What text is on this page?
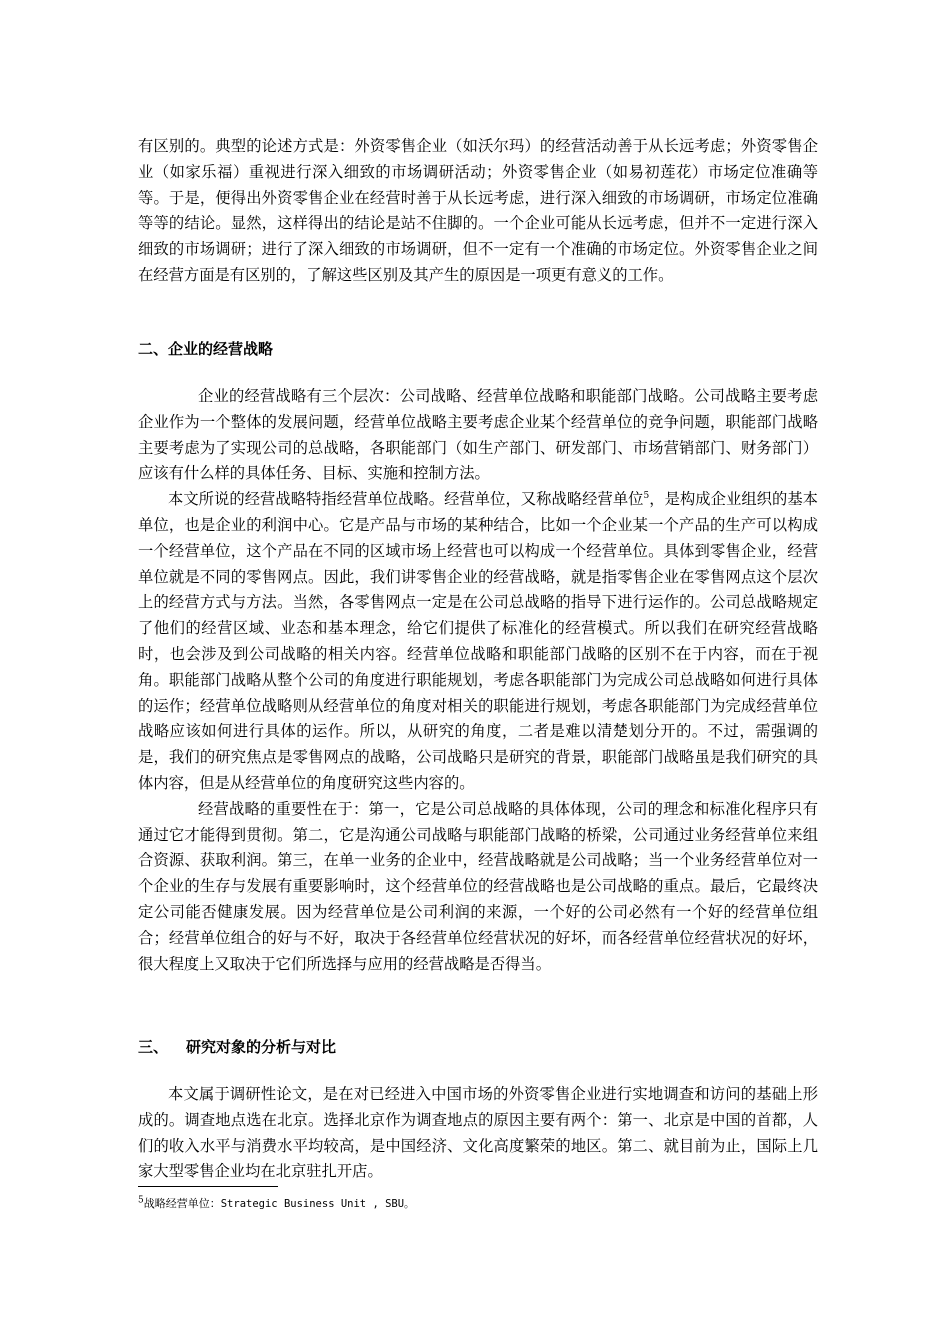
有区别的。典型的论述方式是：外资零售企业（如沃尔玛）的经营活动善于从长远考虑；外资零售企业（如家乐福）重视进行深入细致的市场调研活动；外资零售企业（如易初莲花）市场定位准确等等。于是，便得出外资零售企业在经营时善于从长远考虑，进行深入细致的市场调研，市场定位准确等等的结论。显然，这样得出的结论是站不住脚的。一个企业可能从长远考虑，但并不一定进行深入细致的市场调研；进行了深入细致的市场调研，但不一定有一个准确的市场定位。外资零售企业之间在经营方面是有区别的，了解这些区别及其产生的原因是一项更有意义的工作。

二、企业的经营战略

企业的经营战略有三个层次：公司战略、经营单位战略和职能部门战略。公司战略主要考虑企业作为一个整体的发展问题，经营单位战略主要考虑企业某个经营单位的竞争问题，职能部门战略主要考虑为了实现公司的总战略，各职能部门（如生产部门、研发部门、市场营销部门、财务部门）应该有什么样的具体任务、目标、实施和控制方法。

本文所说的经营战略特指经营单位战略。经营单位，又称战略经营单位$^5$，是构成企业组织的基本单位，也是企业的利润中心。它是产品与市场的某种结合，比如一个企业某一个产品的生产可以构成一个经营单位，这个产品在不同的区域市场上经营也可以构成一个经营单位。具体到零售企业，经营单位就是不同的零售网点。因此，我们讲零售企业的经营战略，就是指零售企业在零售网点这个层次上的经营方式与方法。当然，各零售网点一定是在公司总战略的指导下进行运作的。公司总战略规定了他们的经营区域、业态和基本理念，给它们提供了标准化的经营模式。所以我们在研究经营战略时，也会涉及到公司战略的相关内容。经营单位战略和职能部门战略的区别不在于内容，而在于视角。职能部门战略从整个公司的角度进行职能规划，考虑各职能部门为完成公司总战略如何进行具体的运作；经营单位战略则从经营单位的角度对相关的职能进行规划，考虑各职能部门为完成经营单位战略应该如何进行具体的运作。所以，从研究的角度，二者是难以清楚划分开的。不过，需强调的是，我们的研究焦点是零售网点的战略，公司战略只是研究的背景，职能部门战略虽是我们研究的具体内容，但是从经营单位的角度研究这些内容的。

经营战略的重要性在于：第一，它是公司总战略的具体体现，公司的理念和标准化程序只有通过它才能得到贯彻。第二，它是沟通公司战略与职能部门战略的桥梁，公司通过业务经营单位来组合资源、获取利润。第三，在单一业务的企业中，经营战略就是公司战略；当一个业务经营单位对一个企业的生存与发展有重要影响时，这个经营单位的经营战略也是公司战略的重点。最后，它最终决定公司能否健康发展。因为经营单位是公司利润的来源，一个好的公司必然有一个好的经营单位组合；经营单位组合的好与不好，取决于各经营单位经营状况的好坏，而各经营单位经营状况的好坏，很大程度上又取决于它们所选择与应用的经营战略是否得当。

三、 研究对象的分析与对比

本文属于调研性论文，是在对已经进入中国市场的外资零售企业进行实地调查和访问的基础上形成的。调查地点选在北京。选择北京作为调查地点的原因主要有两个：第一、北京是中国的首都，人们的收入水平与消费水平均较高，是中国经济、文化高度繁荣的地区。第二、就目前为止，国际上几家大型零售企业均在北京驻扎开店。

$^5$战略经营单位：Strategic Business Unit , SBU。
